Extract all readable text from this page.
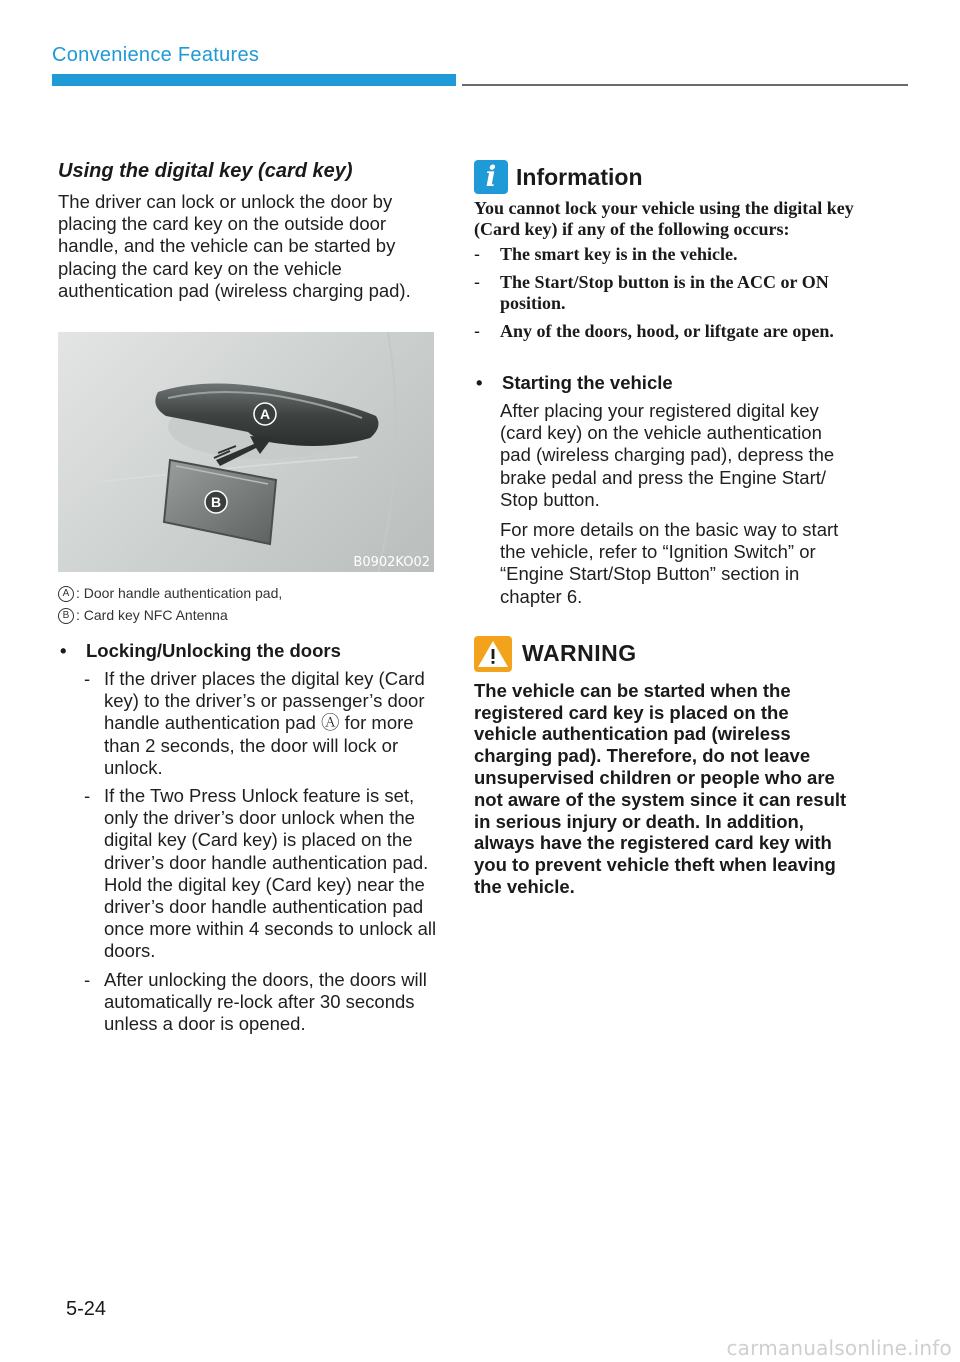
Convenience Features
Using the digital key (card key)

The driver can lock or unlock the door by placing the card key on the outside door handle, and the vehicle can be started by placing the card key on the vehicle authentication pad (wireless charging pad).

A
B
B0902KO02
A : Door handle authentication pad,
B : Card key NFC Antenna
•	Locking/Unlocking the doors
- If the driver places the digital key (Card key) to the driver’s or passenger’s door handle authentication pad Ⓐ for more than 2 seconds, the door will lock or unlock.
- If the Two Press Unlock feature is set, only the driver’s door unlock when the digital key (Card key) is placed on the driver’s door handle authentication pad. Hold the digital key (Card key) near the driver’s door handle authentication pad once more within 4 seconds to unlock all doors.
- After unlocking the doors, the doors will automatically re-lock after 30 seconds unless a door is opened.
i Information

You cannot lock your vehicle using the digital key (Card key) if any of the following occurs:

-	The smart key is in the vehicle.
-	The Start/Stop button is in the ACC or ON position.
-	Any of the doors, hood, or liftgate are open.
•	Starting the vehicle

After placing your registered digital key (card key) on the vehicle authentication pad (wireless charging pad), depress the brake pedal and press the Engine Start/ Stop button.

For more details on the basic way to start the vehicle, refer to “Ignition Switch” or “Engine Start/Stop Button” section in chapter 6.

WARNING

The vehicle can be started when the registered card key is placed on the vehicle authentication pad (wireless charging pad). Therefore, do not leave unsupervised children or people who are not aware of the system since it can result in serious injury or death. In addition, always have the registered card key with you to prevent vehicle theft when leaving the vehicle.

5-24
carmanualsonline.info
